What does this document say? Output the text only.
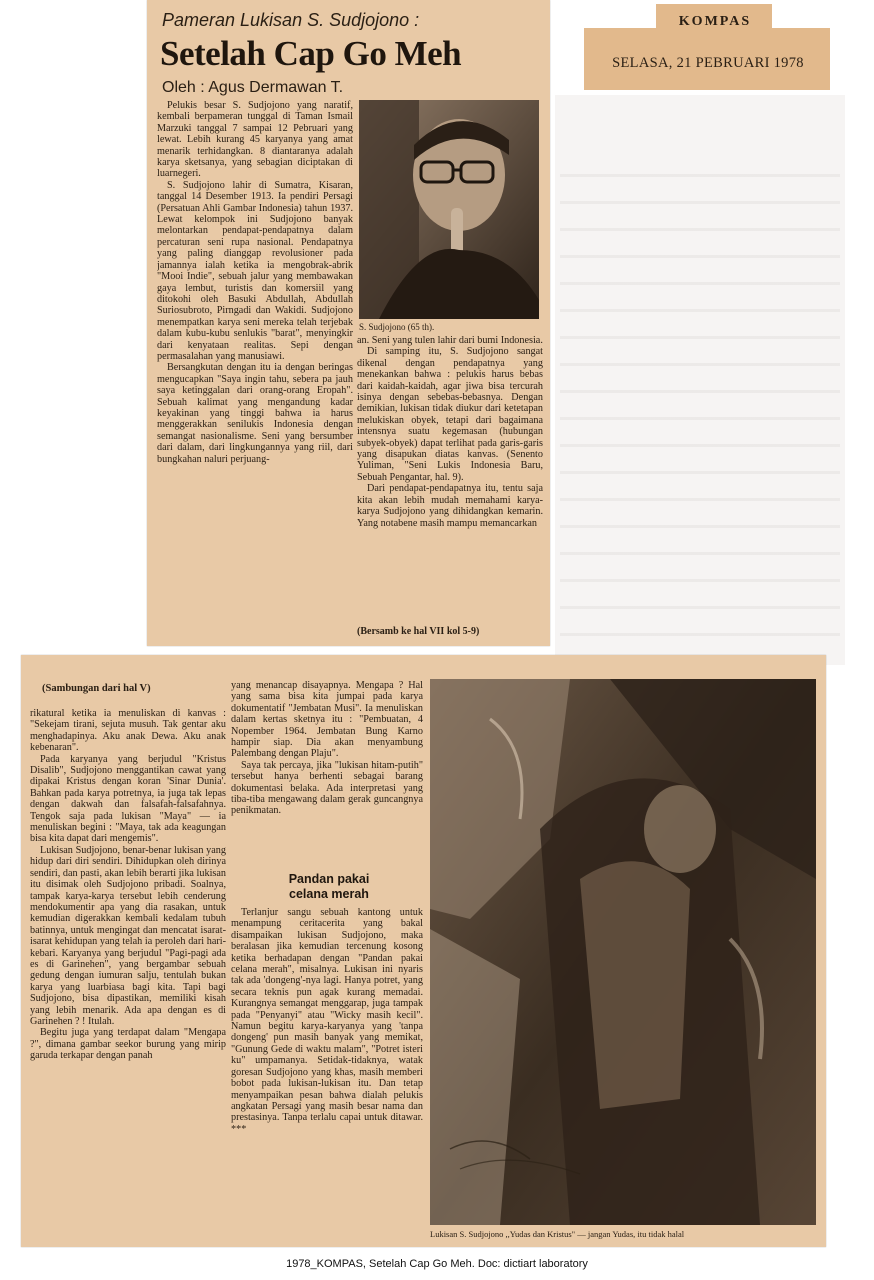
KOMPAS
SELASA, 21 PEBRUARI 1978
Pameran Lukisan S. Sudjojono :
Setelah Cap Go Meh
Oleh : Agus Dermawan T.

Pelukis besar S. Sudjojono yang naratif, kembali berpameran tunggal di Taman Ismail Marzuki tanggal 7 sampai 12 Pebruari yang lewat. Lebih kurang 45 karyanya yang amat menarik terhidangkan. 8 diantaranya adalah karya sketsanya, yang sebagian diciptakan di luarnegeri.

S. Sudjojono lahir di Sumatra, Kisaran, tanggal 14 Desember 1913. Ia pendiri Persagi (Persatuan Ahli Gambar Indonesia) tahun 1937. Lewat kelompok ini Sudjojono banyak melontarkan pendapat-pendapatnya dalam percaturan seni rupa nasional. Pendapatnya yang paling dianggap revolusioner pada jamannya ialah ketika ia mengobrak-abrik "Mooi Indie", sebuah jalur yang membawakan gaya lembut, turistis dan komersiil yang ditokohi oleh Basuki Abdullah, Abdullah Suriosubroto, Pirngadi dan Wakidi. Sudjojono menempatkan karya seni mereka telah terjebak dalam kubu-kubu senlukis "barat", menyingkir dari kenyataan realitas. Sepi dengan permasalahan yang manusiawi.

Bersangkutan dengan itu ia dengan beringas mengucapkan "Saya ingin tahu, sebera pa jauh saya ketinggalan dari orang-orang Eropah". Sebuah kalimat yang mengandung kadar keyakinan yang tinggi bahwa ia harus menggerakkan senilukis Indonesia dengan semangat nasionalisme. Seni yang bersumber dari dalam, dari lingkungannya yang riil, dari bungkahan naluri perjuang-

S. Sudjojono (65 th).

an. Seni yang tulen lahir dari bumi Indonesia.

Di samping itu, S. Sudjojono sangat dikenal dengan pendapatnya yang menekankan bahwa : pelukis harus bebas dari kaidah-kaidah, agar jiwa bisa tercurah isinya dengan sebebas-bebasnya. Dengan demikian, lukisan tidak diukur dari ketetapan melukiskan obyek, tetapi dari bagaimana intensnya suatu kegemasan (hubungan subyek-obyek) dapat terlihat pada garis-garis yang disapukan diatas kanvas. (Senento Yuliman, "Seni Lukis Indonesia Baru, Sebuah Pengantar, hal. 9).

Dari pendapat-pendapatnya itu, tentu saja kita akan lebih mudah memahami karya-karya Sudjojono yang dihidangkan kemarin. Yang notabene masih mampu memancarkan

(Bersamb ke hal VII kol 5-9)
(Sambungan dari hal V)

rikatural ketika ia menuliskan di kanvas : "Sekejam tirani, sejuta musuh. Tak gentar aku menghadapinya. Aku anak Dewa. Aku anak kebenaran".

Pada karyanya yang berjudul "Kristus Disalib", Sudjojono menggantikan cawat yang dipakai Kristus dengan koran 'Sinar Dunia'. Bahkan pada karya potretnya, ia juga tak lepas dengan dakwah dan falsafah-falsafahnya. Tengok saja pada lukisan "Maya" — ia menuliskan begini : "Maya, tak ada keagungan bisa kita dapat dari mengemis".

Lukisan Sudjojono, benar-benar lukisan yang hidup dari diri sendiri. Dihidupkan oleh dirinya sendiri, dan pasti, akan lebih berarti jika lukisan itu disimak oleh Sudjojono pribadi. Soalnya, tampak karya-karya tersebut lebih cenderung mendokumentir apa yang dia rasakan, untuk kemudian digerakkan kembali kedalam tubuh batinnya, untuk mengingat dan mencatat isarat-isarat kehidupan yang telah ia peroleh dari hari-kebari. Karyanya yang berjudul "Pagi-pagi ada es di Garinehen", yang bergambar sebuah gedung dengan iumuran salju, tentulah bukan karya yang luarbiasa bagi kita. Tapi bagi Sudjojono, bisa dipastikan, memiliki kisah yang lebih menarik. Ada apa dengan es di Garinehen ? ! Itulah.

Begitu juga yang terdapat dalam "Mengapa ?", dimana gambar seekor burung yang mirip garuda terkapar dengan panah

yang menancap disayapnya. Mengapa ? Hal yang sama bisa kita jumpai pada karya dokumentatif "Jembatan Musi". Ia menuliskan dalam kertas sketnya itu : "Pembuatan, 4 Nopember 1964. Jembatan Bung Karno hampir siap. Dia akan menyambung Palembang dengan Plaju".

Saya tak percaya, jika "lukisan hitam-putih" tersebut hanya berhenti sebagai barang dokumentasi belaka. Ada interpretasi yang tiba-tiba mengawang dalam gerak guncangnya penikmatan.

Pandan pakai celana merah

Terlanjur sangu sebuah kantong untuk menampung ceritacerita yang bakal disampaikan lukisan Sudjojono, maka beralasan jika kemudian tercenung kosong ketika berhadapan dengan "Pandan pakai celana merah", misalnya. Lukisan ini nyaris tak ada 'dongeng'-nya lagi. Hanya potret, yang secara teknis pun agak kurang memadai. Kurangnya semangat menggarap, juga tampak pada "Penyanyi" atau "Wicky masih kecil". Namun begitu karya-karyanya yang 'tanpa dongeng' pun masih banyak yang memikat, "Gunung Gede di waktu malam", "Potret isteri ku" umpamanya. Setidak-tidaknya, watak goresan Sudjojono yang khas, masih memberi bobot pada lukisan-lukisan itu. Dan tetap menyampaikan pesan bahwa dialah pelukis angkatan Persagi yang masih besar nama dan prestasinya. Tanpa terlalu capai untuk ditawar. ***

Lukisan S. Sudjojono ,,Yudas dan Kristus" — jangan Yudas, itu tidak halal
1978_KOMPAS, Setelah Cap Go Meh. Doc: dictiart laboratory
